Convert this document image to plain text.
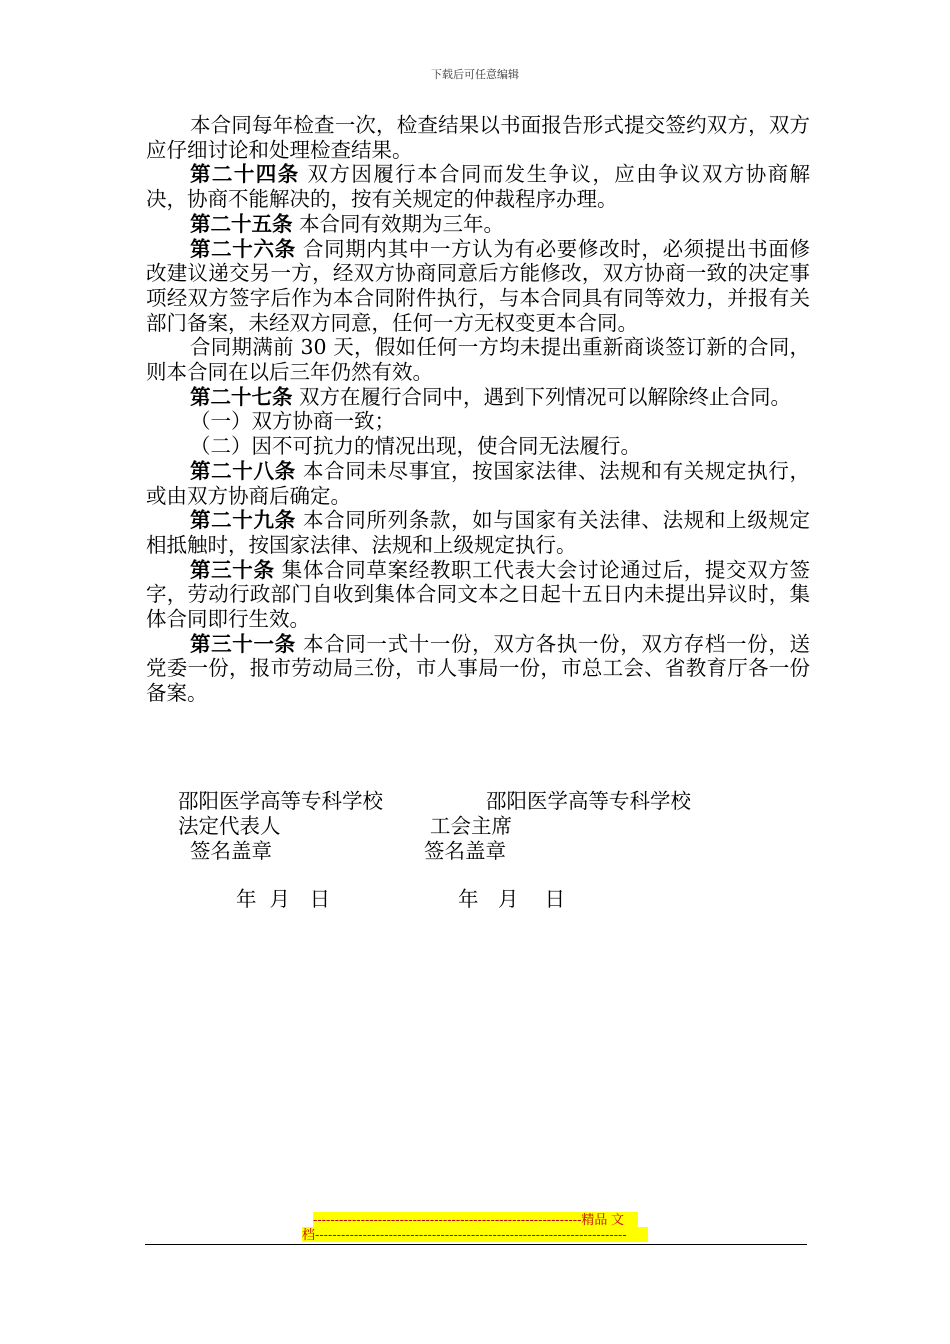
下载后可任意编辑

本合同每年检查一次，检查结果以书面报告形式提交签约双方，双方应仔细讨论和处理检查结果。

第二十四条 双方因履行本合同而发生争议，应由争议双方协商解决，协商不能解决的，按有关规定的仲裁程序办理。

第二十五条 本合同有效期为三年。

第二十六条 合同期内其中一方认为有必要修改时，必须提出书面修改建议递交另一方，经双方协商同意后方能修改，双方协商一致的决定事项经双方签字后作为本合同附件执行，与本合同具有同等效力，并报有关部门备案，未经双方同意，任何一方无权变更本合同。

合同期满前 30 天，假如任何一方均未提出重新商谈签订新的合同，则本合同在以后三年仍然有效。

第二十七条 双方在履行合同中，遇到下列情况可以解除终止合同。

（一）双方协商一致；

（二）因不可抗力的情况出现，使合同无法履行。

第二十八条 本合同未尽事宜，按国家法律、法规和有关规定执行，或由双方协商后确定。

第二十九条 本合同所列条款，如与国家有关法律、法规和上级规定相抵触时，按国家法律、法规和上级规定执行。

第三十条 集体合同草案经教职工代表大会讨论通过后，提交双方签字，劳动行政部门自收到集体合同文本之日起十五日内未提出异议时，集体合同即行生效。

第三十一条 本合同一式十一份，双方各执一份，双方存档一份，送党委一份，报市劳动局三份，市人事局一份，市总工会、省教育厅各一份备案。

邵阳医学高等专科学校	邵阳医学高等专科学校
法定代表人	工会主席
签名盖章	签名盖章
年  月   日	年   月    日
--------------------------------------------------------------精品 文
档------------------------------------------------------------------------
